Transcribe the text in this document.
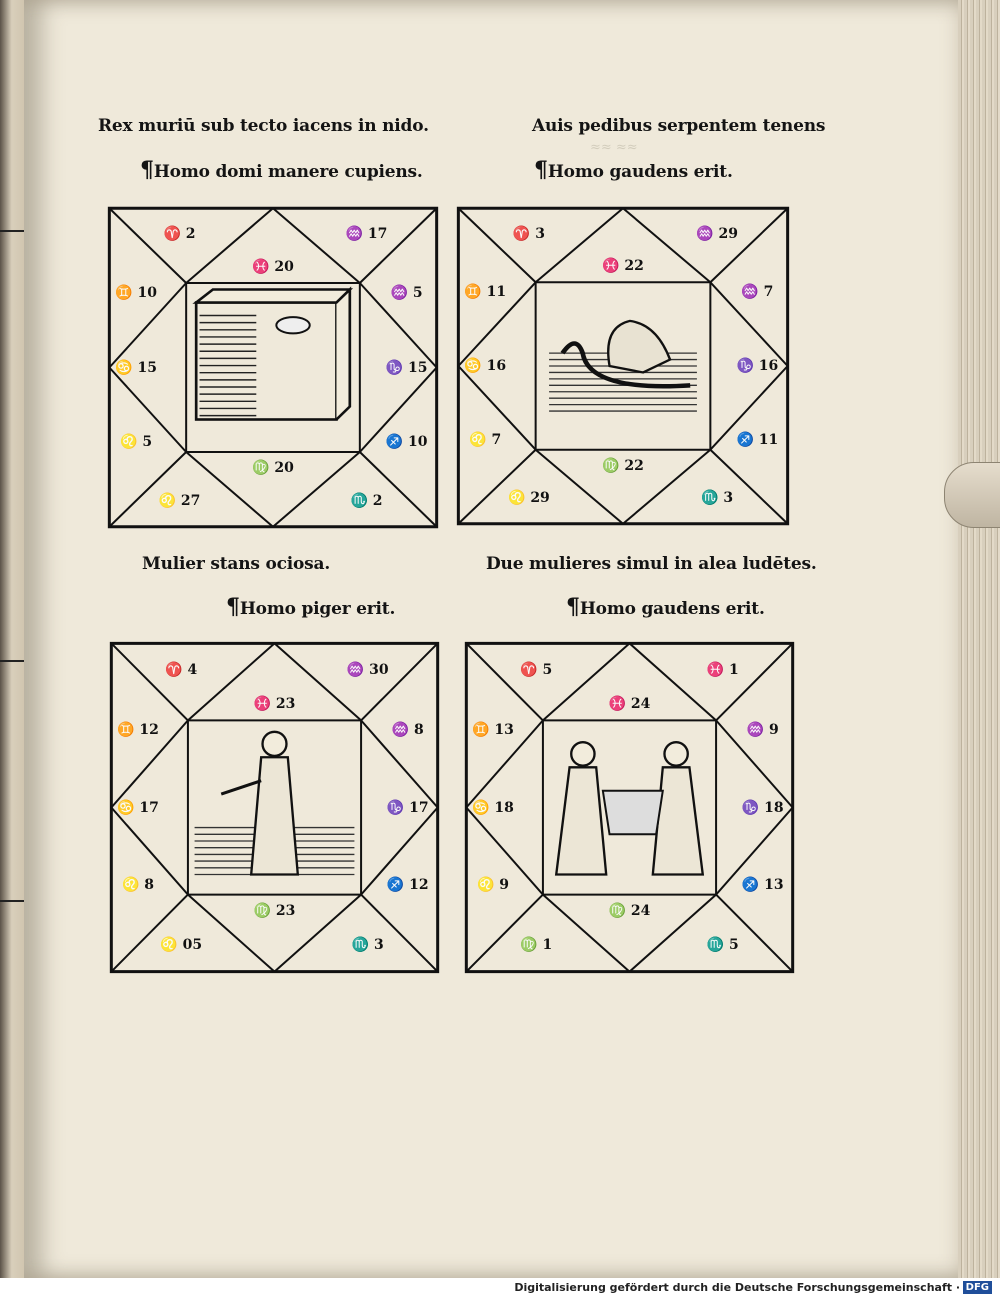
≈≈ ≈≈
Rex muriū sub tecto iacens in nido.
¶Homo domi manere cupiens.
Auis pedibus serpentem tenens
¶Homo gaudens erit.
Mulier stans ociosa.
¶Homo piger erit.
Due mulieres simul in alea ludētes.
¶Homo gaudens erit.
♈ 2
♓ 20
♒ 17
♊ 10	♒ 5
♋ 15	♑ 15
♌ 5	♐ 10
♍ 20
♌ 27	♏ 2
♈ 3
♓ 22
♒ 29
♊ 11	♒ 7
♋ 16	♑ 16
♌ 7	♐ 11
♍ 22
♌ 29	♏ 3
♈ 4
♓ 23
♒ 30
♊ 12	♒ 8
♋ 17	♑ 17
♌ 8	♐ 12
♍ 23
♌ 05	♏ 3
♈ 5
♓ 24
♓ 1
♊ 13	♒ 9
♋ 18	♑ 18
♌ 9	♐ 13
♍ 24
♍ 1	♏ 5
Digitalisierung gefördert durch die Deutsche Forschungsgemeinschaft · DFG
